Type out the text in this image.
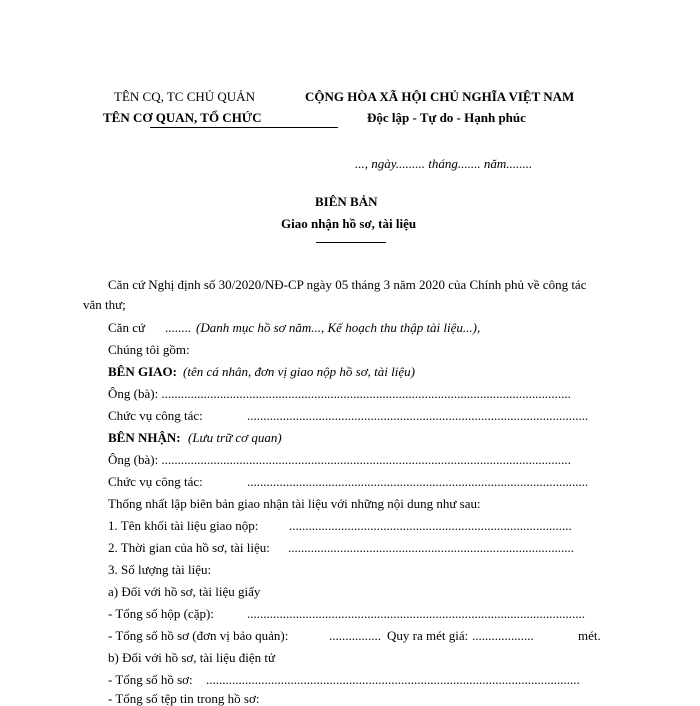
TÊN CQ, TC CHỦ QUẢN
TÊN CƠ QUAN, TỔ CHỨC
CỘNG HÒA XÃ HỘI CHỦ NGHĨA VIỆT NAM
Độc lập - Tự do - Hạnh phúc
..., ngày......... tháng....... năm........
BIÊN BẢN
Giao nhận hồ sơ, tài liệu
Căn cứ Nghị định số 30/2020/NĐ-CP ngày 05 tháng 3 năm 2020 của Chính phủ về công tác
văn thư;
Căn cứ ........ (Danh mục hồ sơ năm..., Kế hoạch thu thập tài liệu...),
Chúng tôi gồm:
BÊN GIAO: (tên cá nhân, đơn vị giao nộp hồ sơ, tài liệu)
Ông (bà): ..............................................................................................................................
Chức vụ công tác:	.........................................................................................................
BÊN NHẬN: (Lưu trữ cơ quan)
Ông (bà): ..............................................................................................................................
Chức vụ công tác:	.........................................................................................................
Thống nhất lập biên bản giao nhận tài liệu với những nội dung như sau:
1. Tên khối tài liệu giao nộp: .......................................................................................
2. Thời gian của hồ sơ, tài liệu: ........................................................................................
3. Số lượng tài liệu:
a) Đối với hồ sơ, tài liệu giấy
- Tổng số hộp (cặp):	........................................................................................................
- Tổng số hồ sơ (đơn vị bảo quản):	................ Quy ra mét giá: ...................	mét.
b) Đối với hồ sơ, tài liệu điện tử
- Tổng số hồ sơ: ...................................................................................................................
- Tổng số tệp tin trong hồ sơ:
